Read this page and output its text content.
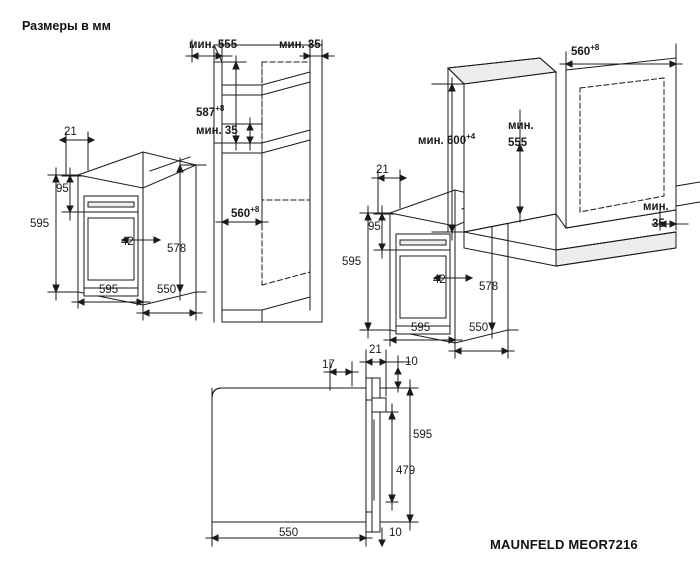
Размеры в мм
мин. 555	мин. 35
$587^{+8}$
мин. 35
$560^{+8}$
21
95
595
42
578
595	550
21
95
595
42
578
595	550
$560^{+8}$
мин. $600^{+4}$
мин.
555
мин.
35
17
21
10
595
479
10
550
MAUNFELD MEOR7216
